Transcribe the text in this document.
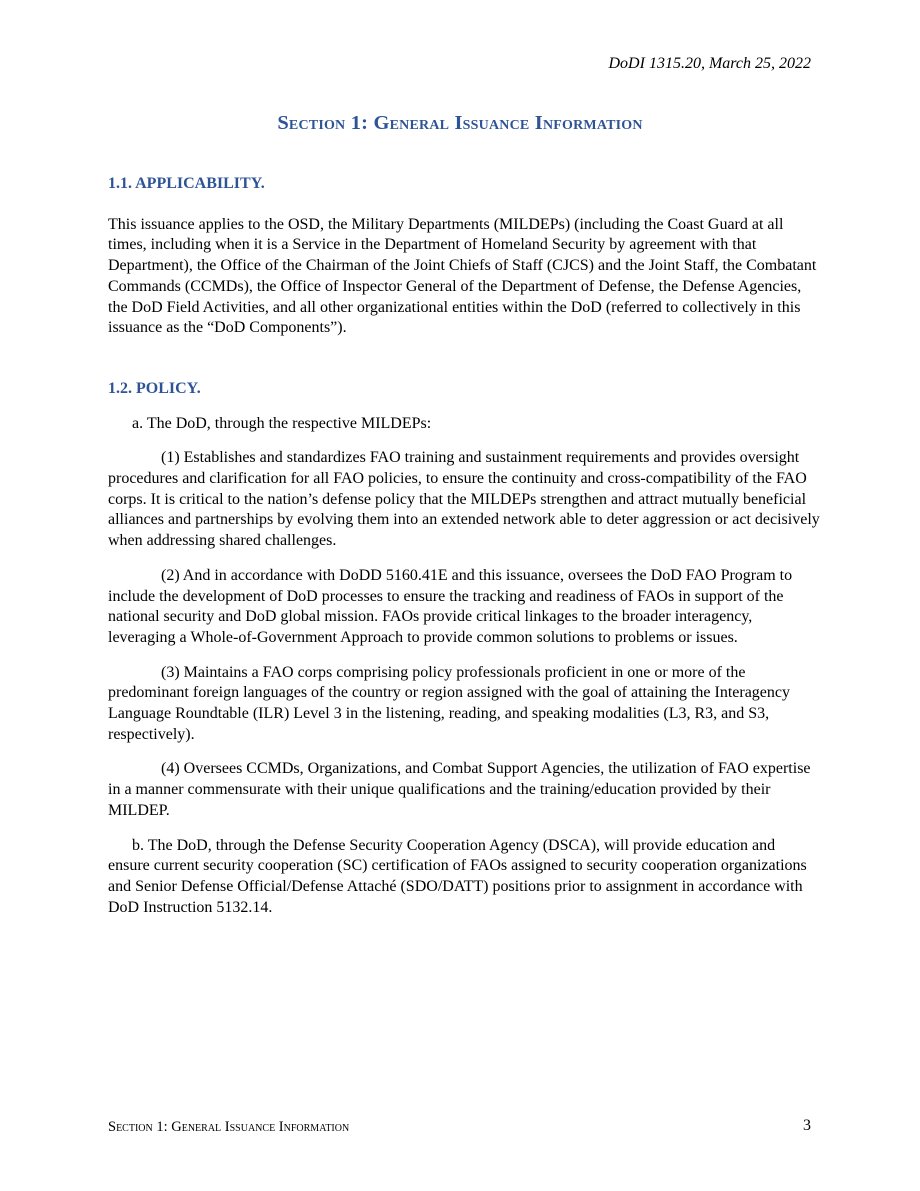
DoDI 1315.20, March 25, 2022
Section 1: General Issuance Information
1.1. APPLICABILITY.
This issuance applies to the OSD, the Military Departments (MILDEPs) (including the Coast Guard at all times, including when it is a Service in the Department of Homeland Security by agreement with that Department), the Office of the Chairman of the Joint Chiefs of Staff (CJCS) and the Joint Staff, the Combatant Commands (CCMDs), the Office of Inspector General of the Department of Defense, the Defense Agencies, the DoD Field Activities, and all other organizational entities within the DoD (referred to collectively in this issuance as the “DoD Components”).
1.2. POLICY.
a. The DoD, through the respective MILDEPs:
(1) Establishes and standardizes FAO training and sustainment requirements and provides oversight procedures and clarification for all FAO policies, to ensure the continuity and cross-compatibility of the FAO corps. It is critical to the nation’s defense policy that the MILDEPs strengthen and attract mutually beneficial alliances and partnerships by evolving them into an extended network able to deter aggression or act decisively when addressing shared challenges.
(2) And in accordance with DoDD 5160.41E and this issuance, oversees the DoD FAO Program to include the development of DoD processes to ensure the tracking and readiness of FAOs in support of the national security and DoD global mission. FAOs provide critical linkages to the broader interagency, leveraging a Whole-of-Government Approach to provide common solutions to problems or issues.
(3) Maintains a FAO corps comprising policy professionals proficient in one or more of the predominant foreign languages of the country or region assigned with the goal of attaining the Interagency Language Roundtable (ILR) Level 3 in the listening, reading, and speaking modalities (L3, R3, and S3, respectively).
(4) Oversees CCMDs, Organizations, and Combat Support Agencies, the utilization of FAO expertise in a manner commensurate with their unique qualifications and the training/education provided by their MILDEP.
b. The DoD, through the Defense Security Cooperation Agency (DSCA), will provide education and ensure current security cooperation (SC) certification of FAOs assigned to security cooperation organizations and Senior Defense Official/Defense Attaché (SDO/DATT) positions prior to assignment in accordance with DoD Instruction 5132.14.
Section 1: General Issuance Information	3
